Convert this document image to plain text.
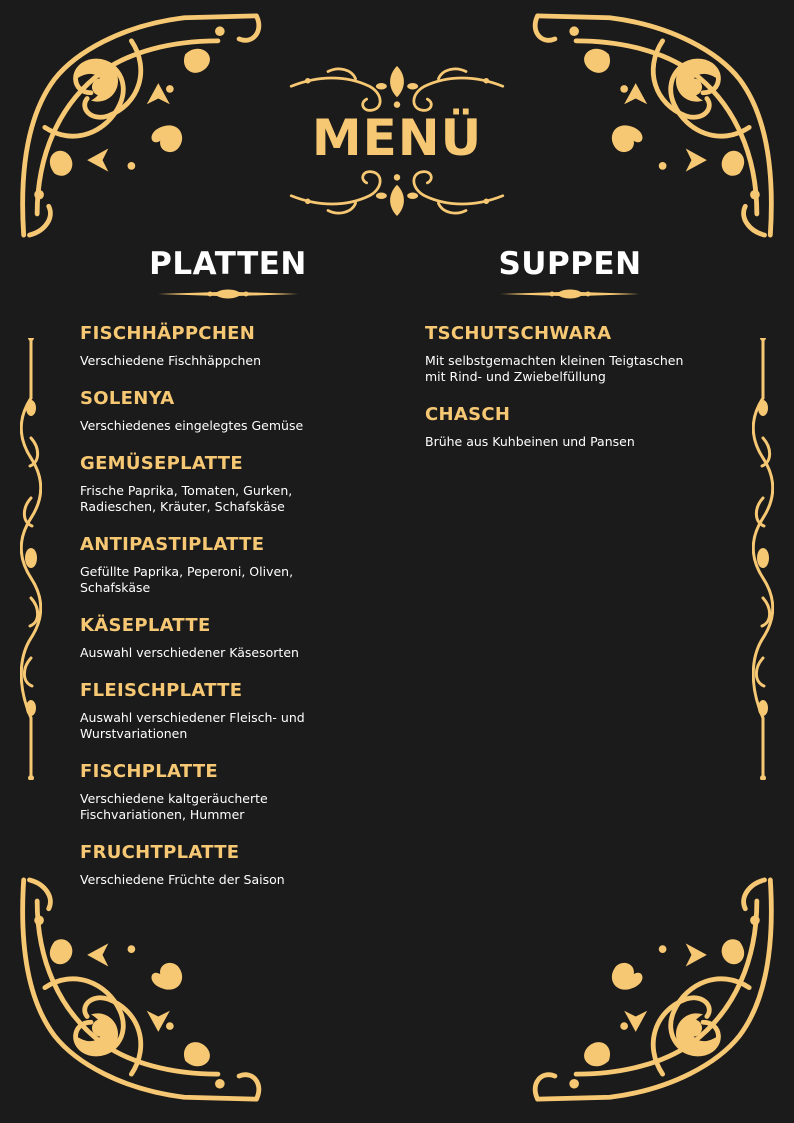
MENÜ
PLATTEN	SUPPEN
FISCHHÄPPCHEN
Verschiedene Fischhäppchen
SOLENYA
Verschiedenes eingelegtes Gemüse
GEMÜSEPLATTE
Frische Paprika, Tomaten, Gurken,
Radieschen, Kräuter, Schafskäse
ANTIPASTIPLATTE
Gefüllte Paprika, Peperoni, Oliven,
Schafskäse
KÄSEPLATTE
Auswahl verschiedener Käsesorten
FLEISCHPLATTE
Auswahl verschiedener Fleisch- und
Wurstvariationen
FISCHPLATTE
Verschiedene kaltgeräucherte
Fischvariationen, Hummer
FRUCHTPLATTE
Verschiedene Früchte der Saison
TSCHUTSCHWARA
Mit selbstgemachten kleinen Teigtaschen
mit Rind- und Zwiebelfüllung
CHASCH
Brühe aus Kuhbeinen und Pansen
